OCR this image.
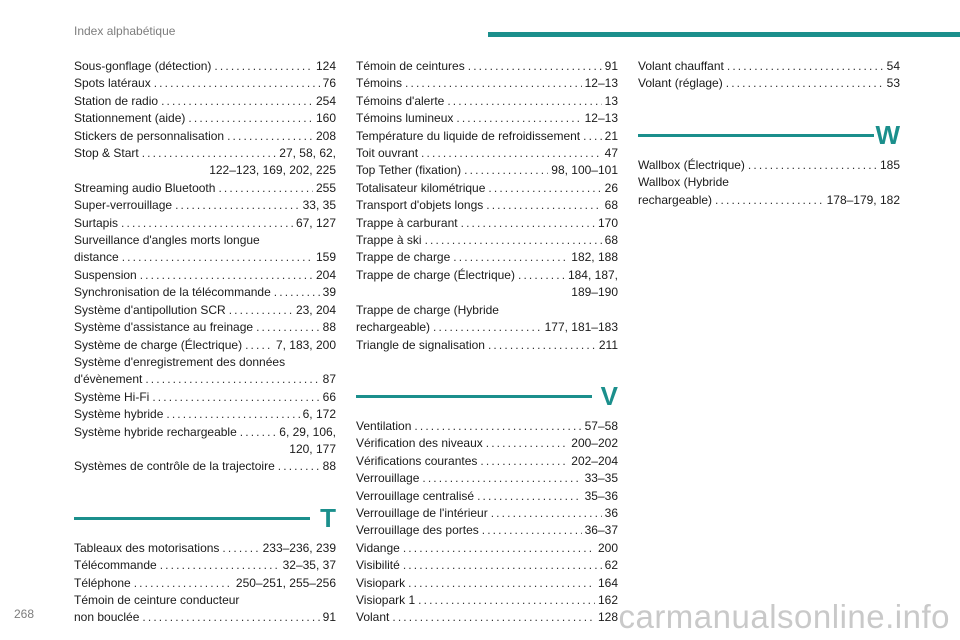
Index alphabétique
Sous-gonflage (détection) . . .	124
Spots latéraux . . .	76
Station de radio . . .	254
Stationnement (aide) . . .	160
Stickers de personnalisation . . .	208
Stop & Start . . .	27, 58, 62,
122–123, 169, 202, 225
Streaming audio Bluetooth . . .	255
Super-verrouillage . . .	33, 35
Surtapis . . .	67, 127
Surveillance d'angles morts longue
distance . . .	159
Suspension . . .	204
Synchronisation de la télécommande . . .	39
Système d'antipollution SCR . . .	23, 204
Système d'assistance au freinage . . .	88
Système de charge (Électrique) . . .	7, 183, 200
Système d'enregistrement des données
d'évènement . . .	87
Système Hi-Fi . . .	66
Système hybride . . .	6, 172
Système hybride rechargeable . . .	6, 29, 106,
120, 177
Systèmes de contrôle de la trajectoire . . .	88
T
Tableaux des motorisations . . .	233–236, 239
Télécommande . . .	32–35, 37
Téléphone . . .	250–251, 255–256
Témoin de ceinture conducteur
non bouclée . . .	91
Témoin de ceintures . . .	91
Témoins . . .	12–13
Témoins d'alerte . . .	13
Témoins lumineux . . .	12–13
Température du liquide de refroidissement . . . 21
Toit ouvrant . . .	47
Top Tether (fixation) . . .	98, 100–101
Totalisateur kilométrique . . .	26
Transport d'objets longs . . .	68
Trappe à carburant . . .	170
Trappe à ski . . .	68
Trappe de charge . . .	182, 188
Trappe de charge (Électrique) . . .	184, 187,
189–190
Trappe de charge (Hybride
rechargeable) . . .	177, 181–183
Triangle de signalisation . . .	211
V
Ventilation . . .	57–58
Vérification des niveaux . . .	200–202
Vérifications courantes . . .	202–204
Verrouillage . . .	33–35
Verrouillage centralisé . . .	35–36
Verrouillage de l'intérieur . . .	36
Verrouillage des portes . . .	36–37
Vidange . . .	200
Visibilité . . .	62
Visiopark . . .	164
Visiopark 1 . . .	162
Volant . . .	128
Volant chauffant . . .	54
Volant (réglage) . . .	53
W
Wallbox (Électrique) . . .	185
Wallbox (Hybride
rechargeable) . . .	178–179, 182
268	carmanualsonline.info
